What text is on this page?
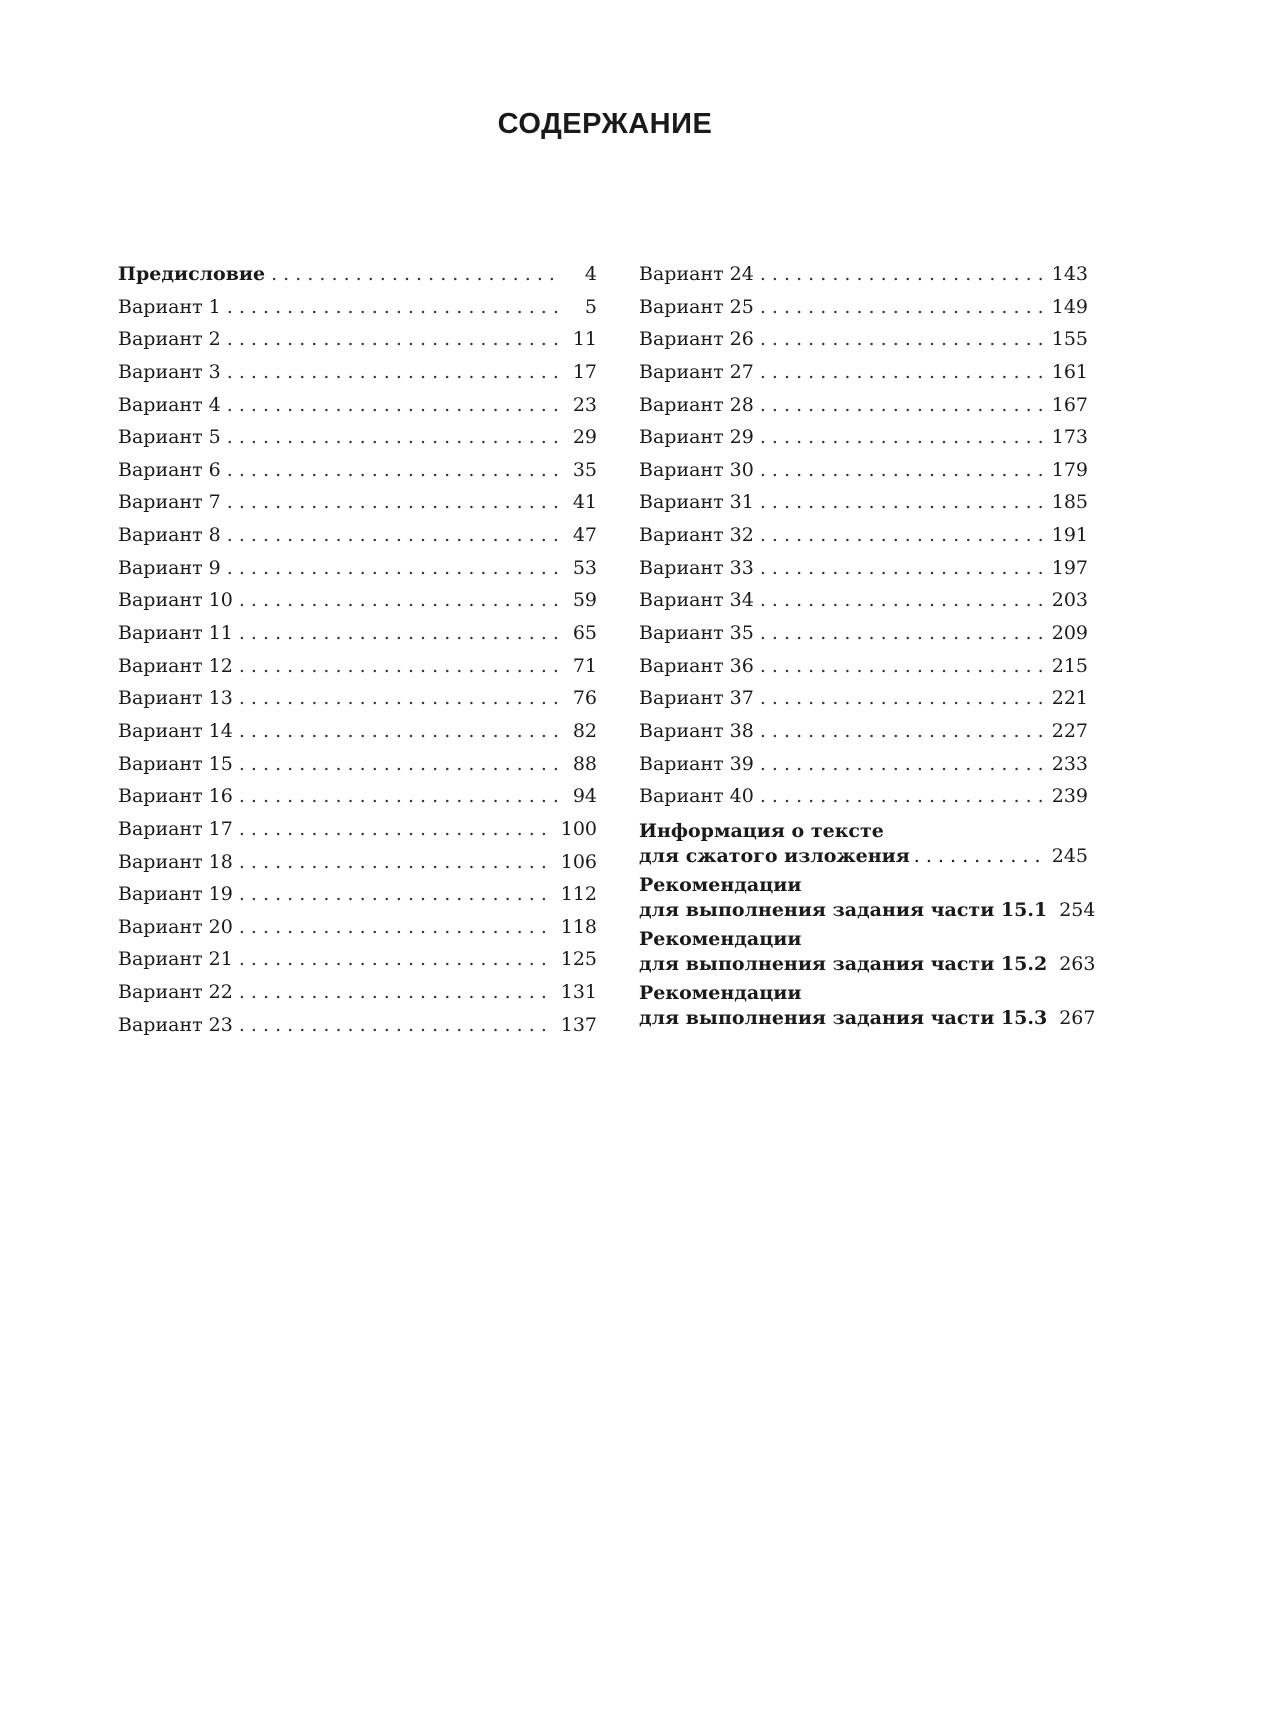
СОДЕРЖАНИЕ
Предисловие . . .	4
Вариант 1 . . .	5
Вариант 2 . . .	11
Вариант 3 . . .	17
Вариант 4 . . .	23
Вариант 5 . . .	29
Вариант 6 . . .	35
Вариант 7 . . .	41
Вариант 8 . . .	47
Вариант 9 . . .	53
Вариант 10 . . .	59
Вариант 11 . . .	65
Вариант 12 . . .	71
Вариант 13 . . .	76
Вариант 14 . . .	82
Вариант 15 . . .	88
Вариант 16 . . .	94
Вариант 17 . . .	100
Вариант 18 . . .	106
Вариант 19 . . .	112
Вариант 20 . . .	118
Вариант 21 . . .	125
Вариант 22 . . .	131
Вариант 23 . . .	137
Вариант 24 . . .	143
Вариант 25 . . .	149
Вариант 26 . . .	155
Вариант 27 . . .	161
Вариант 28 . . .	167
Вариант 29 . . .	173
Вариант 30 . . .	179
Вариант 31 . . .	185
Вариант 32 . . .	191
Вариант 33 . . .	197
Вариант 34 . . .	203
Вариант 35 . . .	209
Вариант 36 . . .	215
Вариант 37 . . .	221
Вариант 38 . . .	227
Вариант 39 . . .	233
Вариант 40 . . .	239
Информация о тексте
для сжатого изложения . . .	245
Рекомендации
для выполнения задания части 15.1 254
Рекомендации
для выполнения задания части 15.2 263
Рекомендации
для выполнения задания части 15.3 267
